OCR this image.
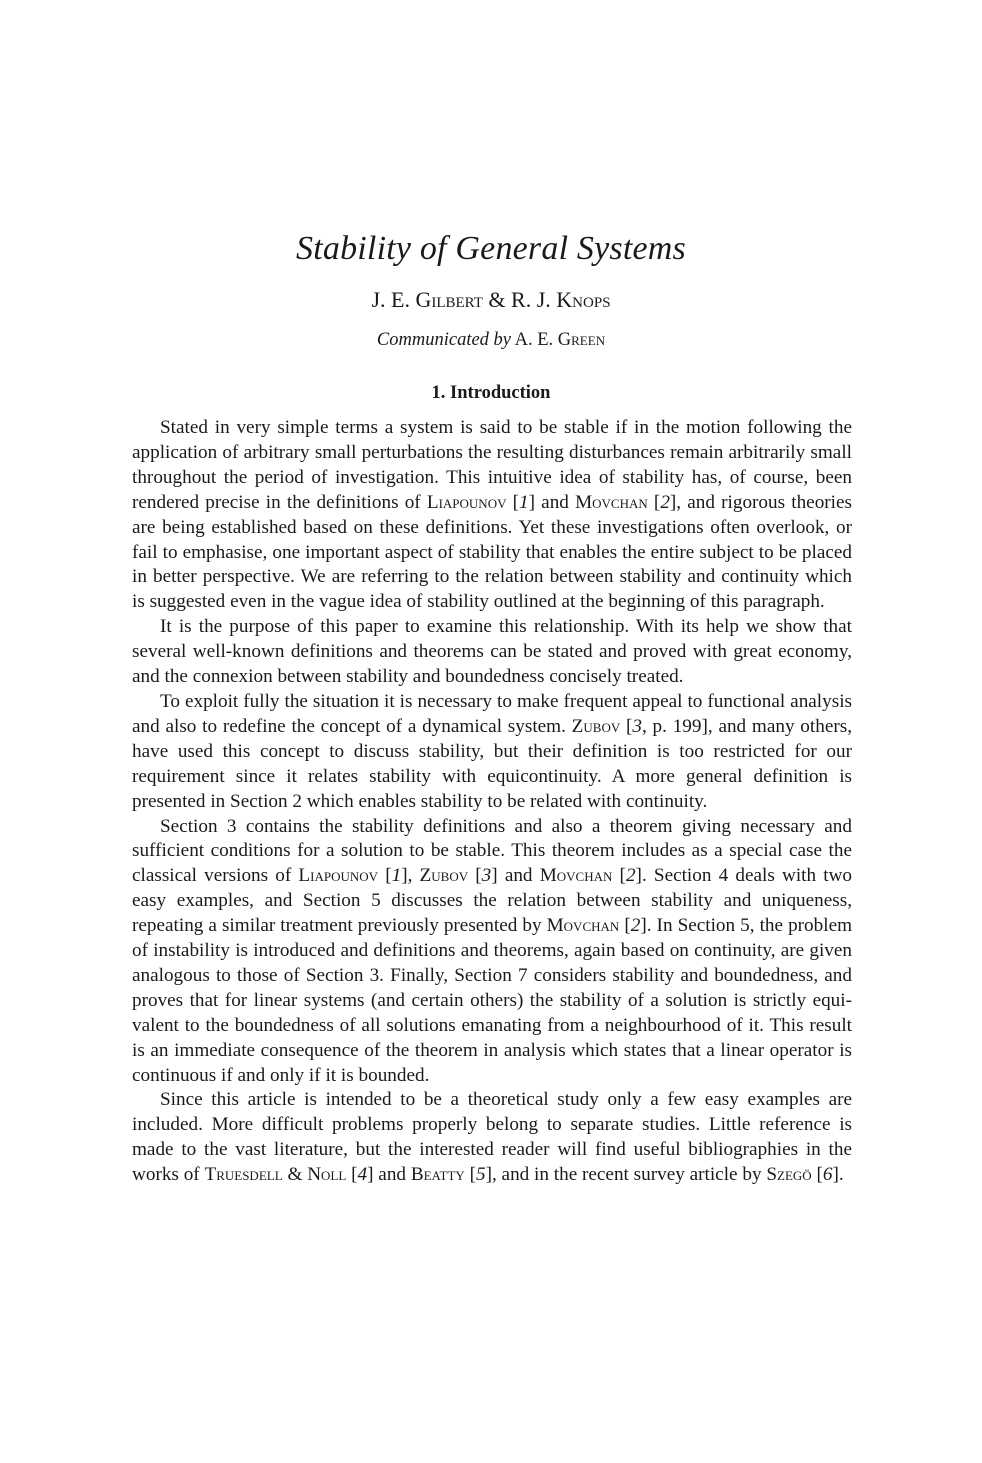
Stability of General Systems
J. E. Gilbert & R. J. Knops
Communicated by A. E. Green
1. Introduction

Stated in very simple terms a system is said to be stable if in the motion following the application of arbitrary small perturbations the resulting disturbances remain arbitrarily small throughout the period of investigation. This intuitive idea of stability has, of course, been rendered precise in the definitions of Liapounov [1] and Movchan [2], and rigorous theories are being established based on these definitions. Yet these investigations often overlook, or fail to emphasise, one important aspect of stability that enables the entire subject to be placed in better perspective. We are referring to the relation between stability and continuity which is suggested even in the vague idea of stability outlined at the beginning of this paragraph.

It is the purpose of this paper to examine this relationship. With its help we show that several well-known definitions and theorems can be stated and proved with great economy, and the connexion between stability and boundedness concisely treated.

To exploit fully the situation it is necessary to make frequent appeal to functional analysis and also to redefine the concept of a dynamical system. Zubov [3, p. 199], and many others, have used this concept to discuss stability, but their definition is too restricted for our requirement since it relates stability with equicontinuity. A more general definition is presented in Section 2 which enables stability to be related with continuity.

Section 3 contains the stability definitions and also a theorem giving necessary and sufficient conditions for a solution to be stable. This theorem includes as a special case the classical versions of Liapounov [1], Zubov [3] and Movchan [2]. Section 4 deals with two easy examples, and Section 5 discusses the relation between stability and uniqueness, repeating a similar treatment previously presented by Movchan [2]. In Section 5, the problem of instability is introduced and definitions and theorems, again based on continuity, are given analogous to those of Section 3. Finally, Section 7 considers stability and boundedness, and proves that for linear systems (and certain others) the stability of a solution is strictly equivalent to the boundedness of all solutions emanating from a neighbourhood of it. This result is an immediate consequence of the theorem in analysis which states that a linear operator is continuous if and only if it is bounded.

Since this article is intended to be a theoretical study only a few easy examples are included. More difficult problems properly belong to separate studies. Little reference is made to the vast literature, but the interested reader will find useful bibliographies in the works of Truesdell & Noll [4] and Beatty [5], and in the recent survey article by Szegö [6].
